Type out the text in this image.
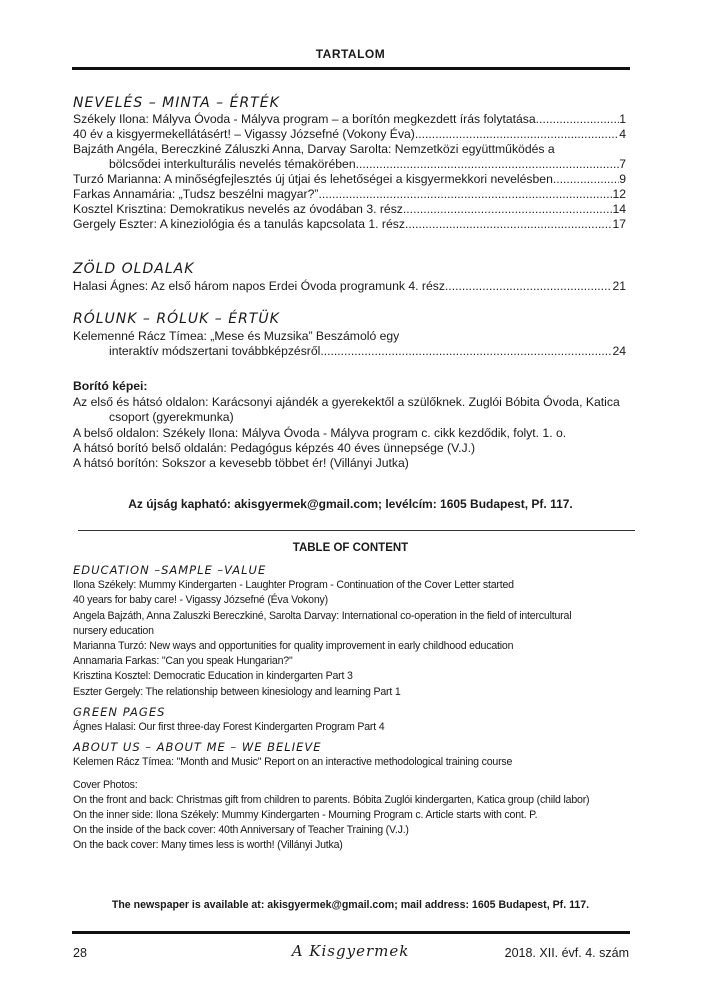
TARTALOM
NEVELÉS – MINTA – ÉRTÉK
Székely Ilona: Mályva Óvoda - Mályva program – a borítón megkezdett írás folytatása .....	1
40 év a kisgyermekellátásért! – Vigassy Józsefné (Vokony Éva) .....	4
Bajzáth Angéla, Bereczkiné Záluszki Anna, Darvay Sarolta: Nemzetközi együttműködés a
bölcsődei interkulturális nevelés témakörében .....	7
Turzó Marianna: A minőségfejlesztés új útjai és lehetőségei a kisgyermekkori nevelésben .....	9
Farkas Annamária: „Tudsz beszélni magyar?” .....	12
Kosztel Krisztina: Demokratikus nevelés az óvodában 3. rész .....	14
Gergely Eszter: A kineziológia és a tanulás kapcsolata 1. rész .....	17
ZÖLD OLDALAK
Halasi Ágnes: Az első három napos Erdei Óvoda programunk 4. rész .....	21
RÓLUNK – RÓLUK – ÉRTÜK
Kelemenné Rácz Tímea: „Mese és Muzsika” Beszámoló egy
interaktív módszertani továbbképzésről .....	24
Borító képei:
Az első és hátsó oldalon: Karácsonyi ajándék a gyerekektől a szülőknek. Zuglói Bóbita Óvoda, Katica
csoport (gyerekmunka)
A belső oldalon: Székely Ilona: Mályva Óvoda - Mályva program c. cikk kezdődik, folyt. 1. o.
A hátsó borító belső oldalán: Pedagógus képzés 40 éves ünnepsége (V.J.)
A hátsó borítón: Sokszor a kevesebb többet ér! (Villányi Jutka)
Az újság kapható: akisgyermek@gmail.com; levélcím: 1605 Budapest, Pf. 117.
TABLE OF CONTENT
EDUCATION –SAMPLE –VALUE
Ilona Székely: Mummy Kindergarten - Laughter Program - Continuation of the Cover Letter started
40 years for baby care! - Vigassy Józsefné (Éva Vokony)
Angela Bajzáth, Anna Zaluszki Bereczkiné, Sarolta Darvay: International co-operation in the field of intercultural
nursery education
Marianna Turzó: New ways and opportunities for quality improvement in early childhood education
Annamaria Farkas: "Can you speak Hungarian?"
Krisztina Kosztel: Democratic Education in kindergarten Part 3
Eszter Gergely: The relationship between kinesiology and learning Part 1
GREEN PAGES
Ágnes Halasi: Our first three-day Forest Kindergarten Program Part 4
ABOUT US – ABOUT ME – WE BELIEVE
Kelemen Rácz Tímea: "Month and Music" Report on an interactive methodological training course
Cover Photos:
On the front and back: Christmas gift from children to parents. Bóbita Zuglói kindergarten, Katica group (child labor)
On the inner side: Ilona Székely: Mummy Kindergarten - Mourning Program c. Article starts with cont. P.
On the inside of the back cover: 40th Anniversary of Teacher Training (V.J.)
On the back cover: Many times less is worth! (Villányi Jutka)
The newspaper is available at: akisgyermek@gmail.com; mail address: 1605 Budapest, Pf. 117.
28	A Kisgyermek	2018. XII. évf. 4. szám
